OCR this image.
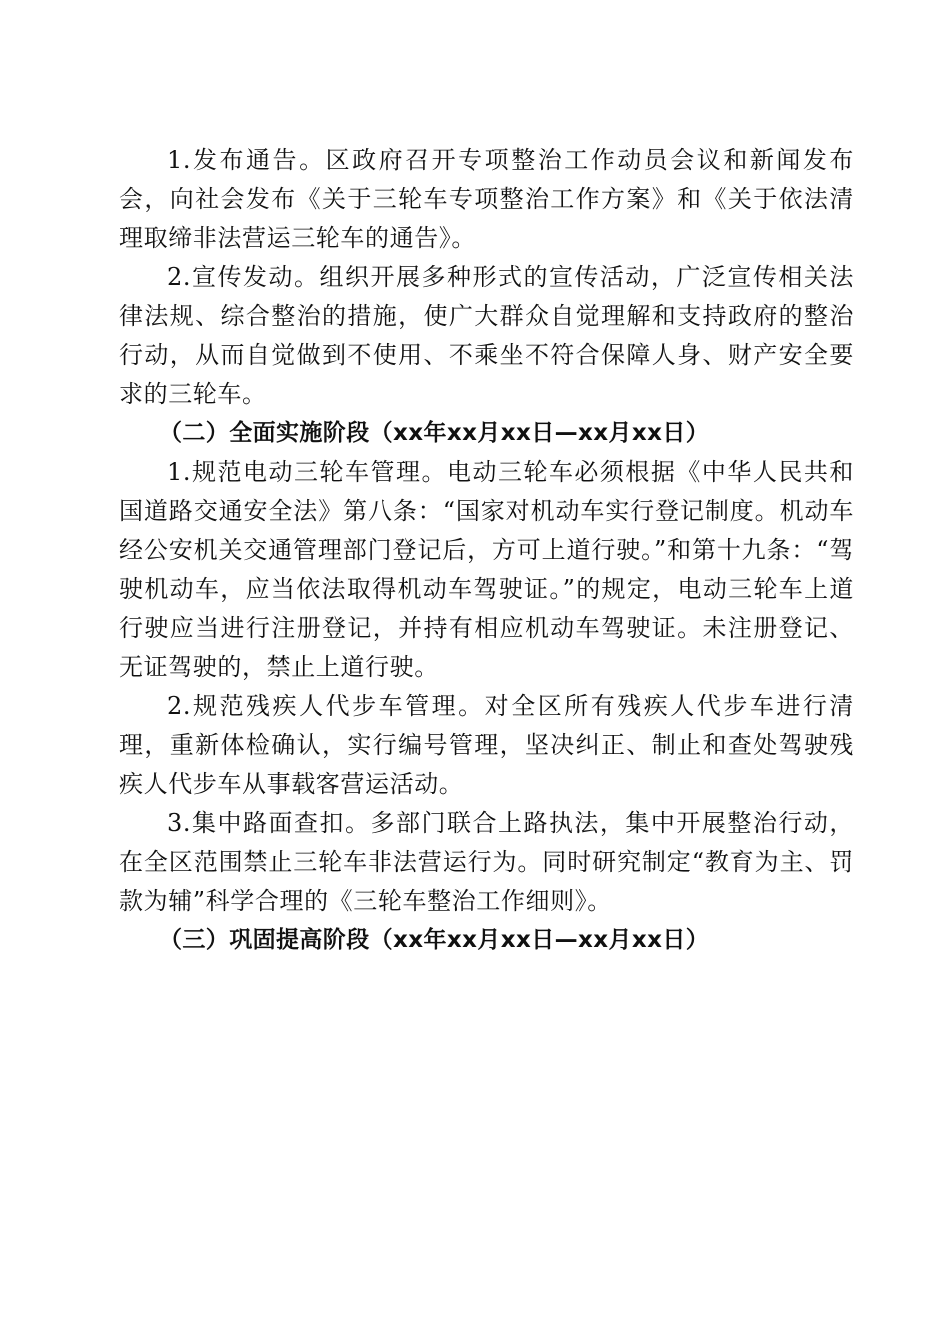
1.发布通告。区政府召开专项整治工作动员会议和新闻发布会，向社会发布《关于三轮车专项整治工作方案》和《关于依法清理取缔非法营运三轮车的通告》。

2.宣传发动。组织开展多种形式的宣传活动，广泛宣传相关法律法规、综合整治的措施，使广大群众自觉理解和支持政府的整治行动，从而自觉做到不使用、不乘坐不符合保障人身、财产安全要求的三轮车。

（二）全面实施阶段（xx年xx月xx日—xx月xx日）

1.规范电动三轮车管理。电动三轮车必须根据《中华人民共和国道路交通安全法》第八条：“国家对机动车实行登记制度。机动车经公安机关交通管理部门登记后，方可上道行驶。”和第十九条：“驾驶机动车，应当依法取得机动车驾驶证。”的规定，电动三轮车上道行驶应当进行注册登记，并持有相应机动车驾驶证。未注册登记、无证驾驶的，禁止上道行驶。

2.规范残疾人代步车管理。对全区所有残疾人代步车进行清理，重新体检确认，实行编号管理，坚决纠正、制止和查处驾驶残疾人代步车从事载客营运活动。

3.集中路面查扣。多部门联合上路执法，集中开展整治行动，在全区范围禁止三轮车非法营运行为。同时研究制定“教育为主、罚款为辅”科学合理的《三轮车整治工作细则》。

（三）巩固提高阶段（xx年xx月xx日—xx月xx日）
